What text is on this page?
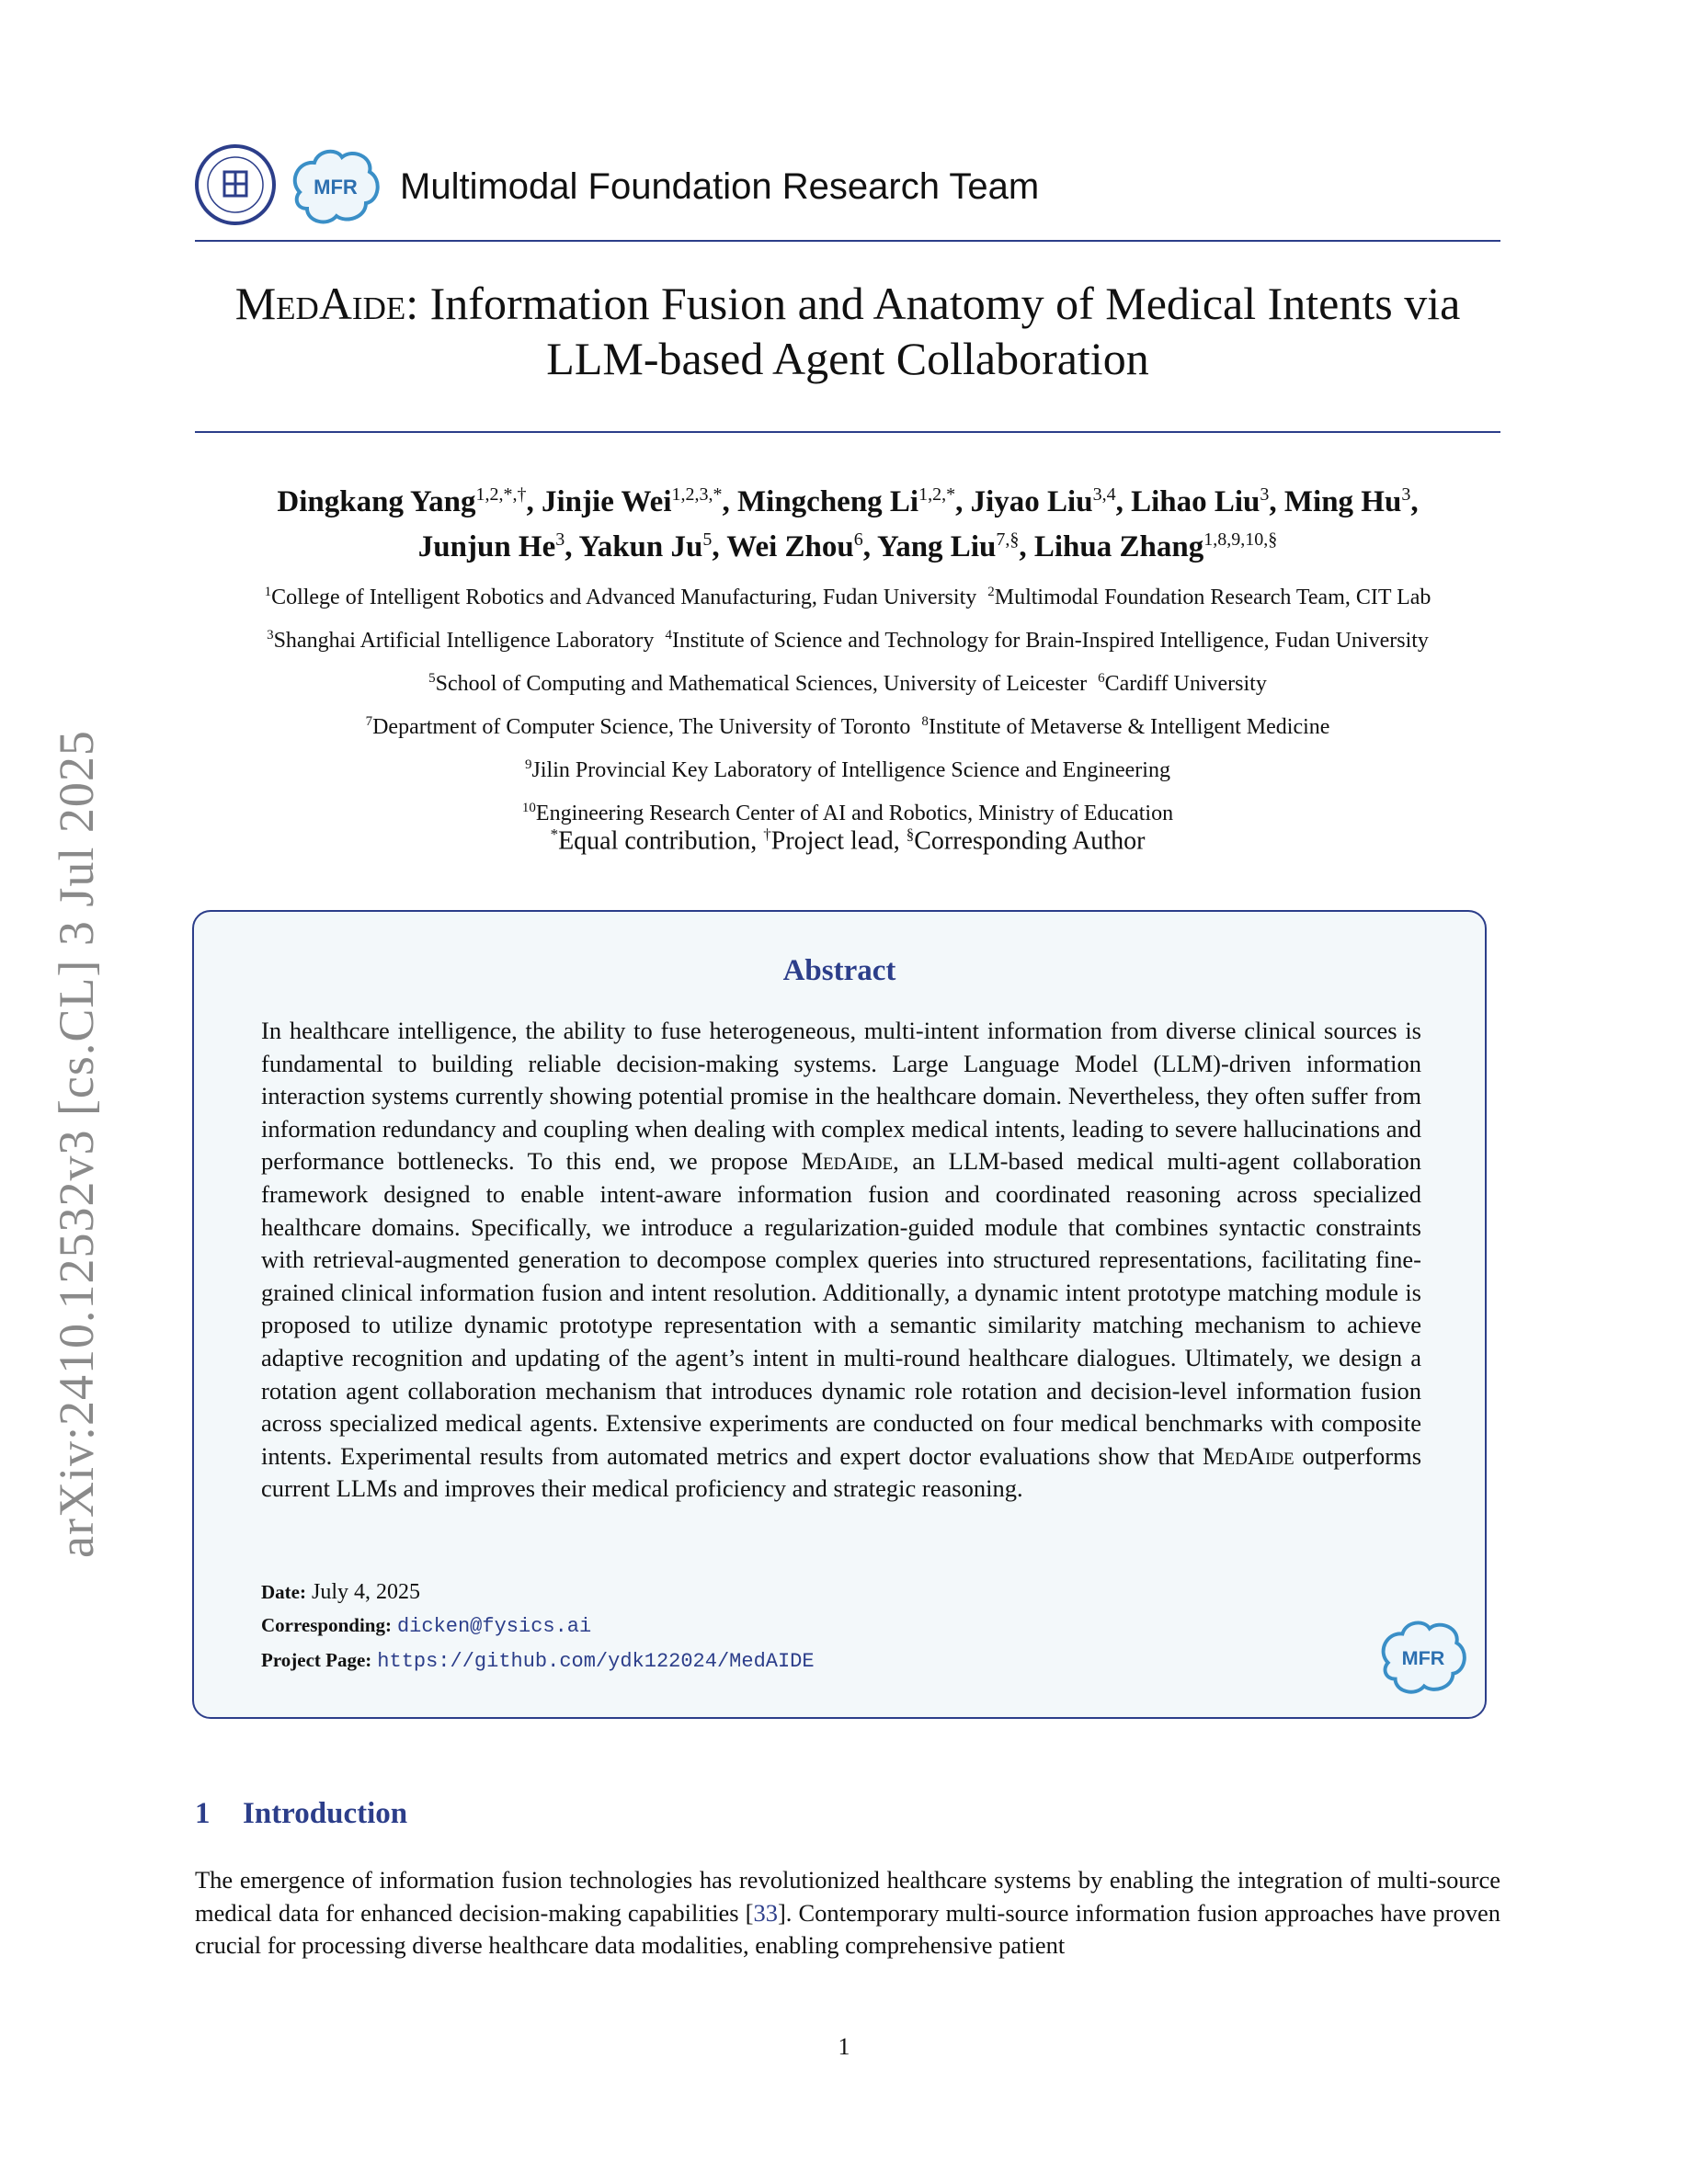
arXiv:2410.12532v3 [cs.CL] 3 Jul 2025
MFR Multimodal Foundation Research Team
MedAide: Information Fusion and Anatomy of Medical Intents via
LLM-based Agent Collaboration
Dingkang Yang$^{1,2,*,\dagger}$, Jinjie Wei$^{1,2,3,*}$, Mingcheng $Li^{1,2,*}$, Jiyao Liu$^{3,4}$, Lihao Liu$^3$, Ming Hu$^3$,
Junjun He$^3$, Yakun Ju$^5$, Wei Zhou$^6$, Yang Liu$^{7,\S}$, Lihua Zhang$^{1,8,9,10,\S}$
$^1$College of Intelligent Robotics and Advanced Manufacturing, Fudan University $^2$Multimodal Foundation Research Team, CIT Lab
$^3$Shanghai Artificial Intelligence Laboratory $^4$Institute of Science and Technology for Brain-Inspired Intelligence, Fudan University
$^5$School of Computing and Mathematical Sciences, University of Leicester $^6$Cardiff University
$^7$Department of Computer Science, The University of Toronto $^8$Institute of Metaverse & Intelligent Medicine
$^9$Jilin Provincial Key Laboratory of Intelligence Science and Engineering
$^{10}$Engineering Research Center of AI and Robotics, Ministry of Education
*Equal contribution, †Project lead, §Corresponding Author
Abstract
In healthcare intelligence, the ability to fuse heterogeneous, multi-intent information from diverse clinical sources is fundamental to building reliable decision-making systems. Large Language Model (LLM)-driven information interaction systems currently showing potential promise in the healthcare domain. Nevertheless, they often suffer from information redundancy and coupling when dealing with complex medical intents, leading to severe hallucinations and performance bottlenecks. To this end, we propose MedAide, an LLM-based medical multi-agent collaboration framework designed to enable intent-aware information fusion and coordinated reasoning across specialized healthcare domains. Specifically, we introduce a regularization-guided module that combines syntactic constraints with retrieval-augmented generation to decompose complex queries into structured representations, facilitating fine-grained clinical information fusion and intent resolution. Additionally, a dynamic intent prototype matching module is proposed to utilize dynamic prototype representation with a semantic similarity matching mechanism to achieve adaptive recognition and updating of the agent’s intent in multi-round healthcare dialogues. Ultimately, we design a rotation agent collaboration mechanism that introduces dynamic role rotation and decision-level information fusion across specialized medical agents. Extensive experiments are conducted on four medical benchmarks with composite intents. Experimental results from automated metrics and expert doctor evaluations show that MedAide outperforms current LLMs and improves their medical proficiency and strategic reasoning.
Date: July 4, 2025
Corresponding: dicken@fysics.ai
Project Page: https://github.com/ydk122024/MedAIDE	MFR
1 Introduction
The emergence of information fusion technologies has revolutionized healthcare systems by enabling the integration of multi-source medical data for enhanced decision-making capabilities [33]. Contemporary multi-source information fusion approaches have proven crucial for processing diverse healthcare data modalities, enabling comprehensive patient
1
